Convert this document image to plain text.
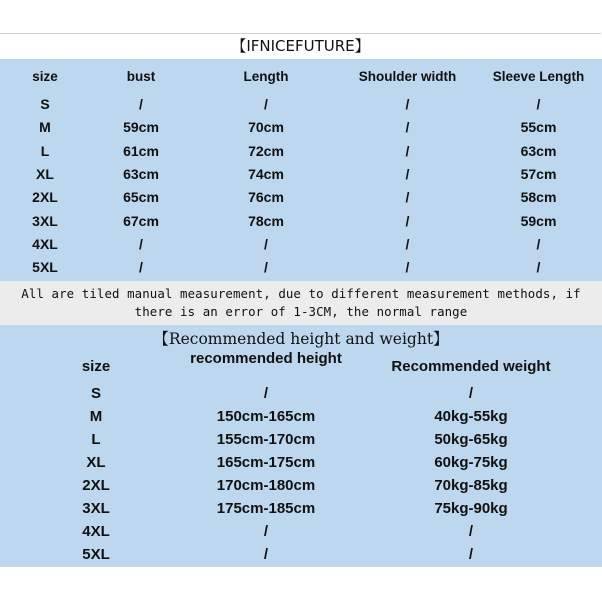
【IFNICEFUTURE】
size	bust	Length	Shoulder width	Sleeve Length
S	/	/	/	/
M	59cm	70cm	/	55cm
L	61cm	72cm	/	63cm
XL	63cm	74cm	/	57cm
2XL	65cm	76cm	/	58cm
3XL	67cm	78cm	/	59cm
4XL	/	/	/	/
5XL	/	/	/	/
All are tiled manual measurement, due to different measurement methods, if
there is an error of 1-3CM, the normal range
【Recommended height and weight】
size	recommended height	Recommended weight
S	/	/
M	150cm-165cm	40kg-55kg
L	155cm-170cm	50kg-65kg
XL	165cm-175cm	60kg-75kg
2XL	170cm-180cm	70kg-85kg
3XL	175cm-185cm	75kg-90kg
4XL	/	/
5XL	/	/
